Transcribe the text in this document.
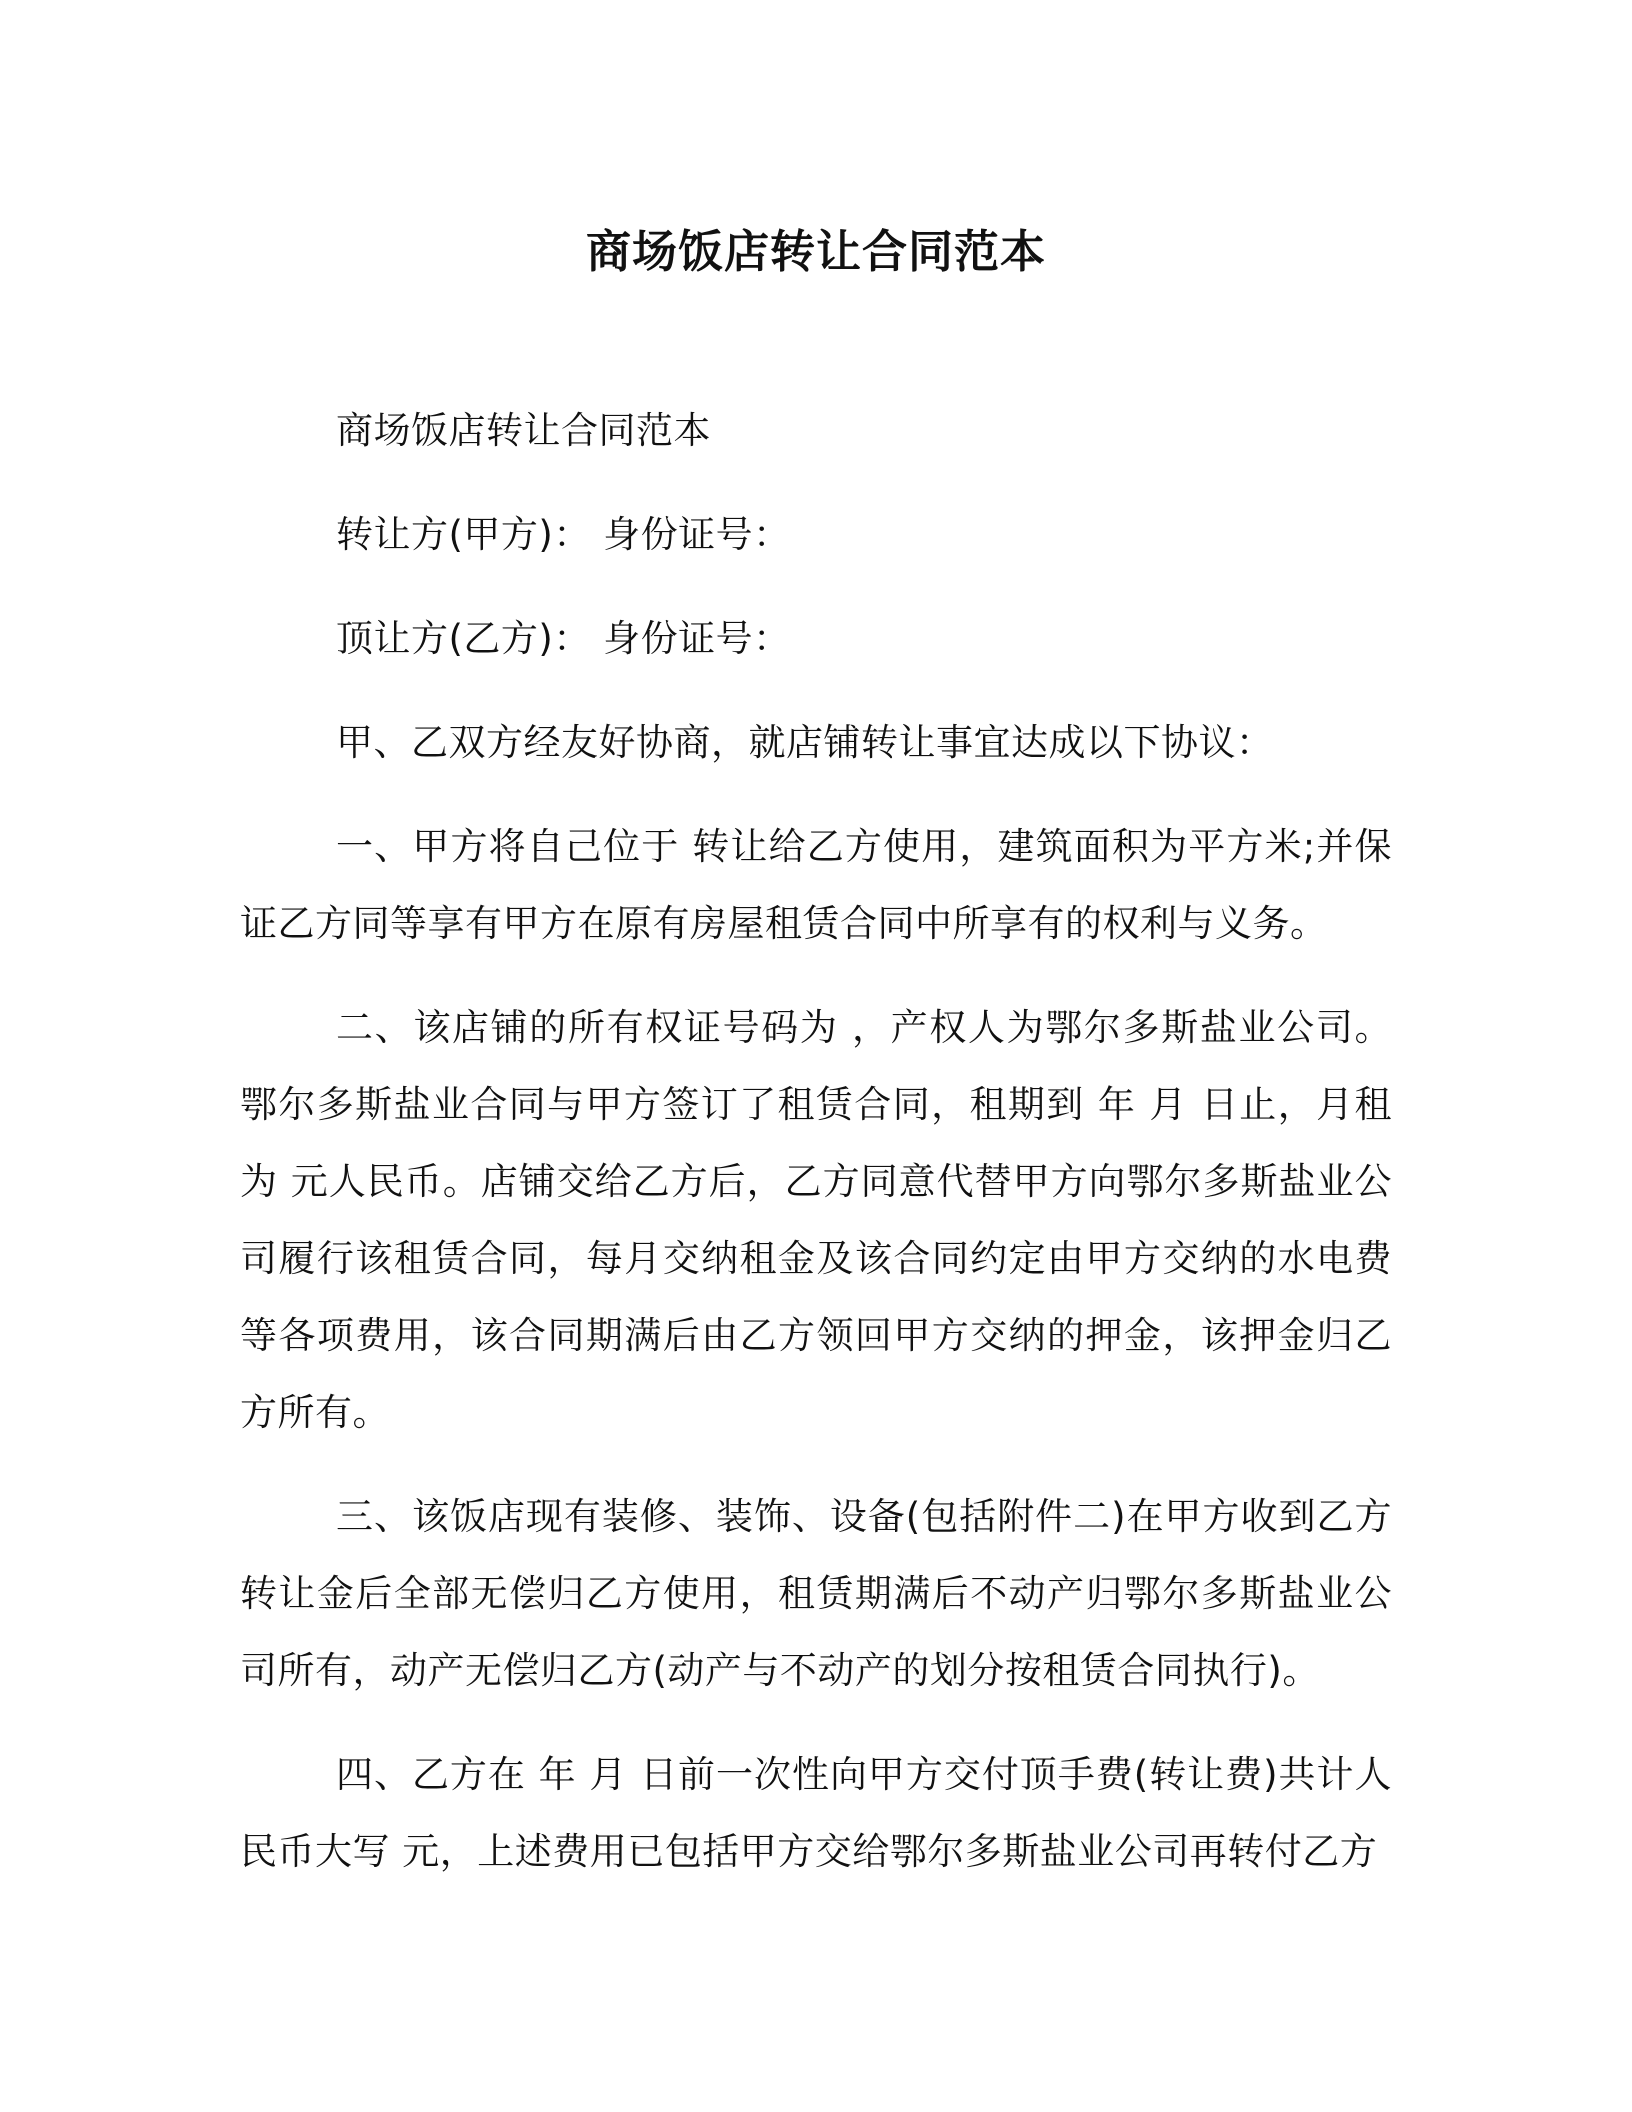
商场饭店转让合同范本

商场饭店转让合同范本

转让方(甲方)： 身份证号：

顶让方(乙方)： 身份证号：

甲、乙双方经友好协商，就店铺转让事宜达成以下协议：

一、甲方将自己位于 转让给乙方使用，建筑面积为平方米;并保证乙方同等享有甲方在原有房屋租赁合同中所享有的权利与义务。

二、该店铺的所有权证号码为 ，产权人为鄂尔多斯盐业公司。鄂尔多斯盐业合同与甲方签订了租赁合同，租期到 年 月 日止，月租为 元人民币。店铺交给乙方后，乙方同意代替甲方向鄂尔多斯盐业公司履行该租赁合同，每月交纳租金及该合同约定由甲方交纳的水电费等各项费用，该合同期满后由乙方领回甲方交纳的押金，该押金归乙方所有。

三、该饭店现有装修、装饰、设备(包括附件二)在甲方收到乙方转让金后全部无偿归乙方使用，租赁期满后不动产归鄂尔多斯盐业公司所有，动产无偿归乙方(动产与不动产的划分按租赁合同执行)。

四、乙方在 年 月 日前一次性向甲方交付顶手费(转让费)共计人民币大写 元，上述费用已包括甲方交给鄂尔多斯盐业公司再转付乙方
